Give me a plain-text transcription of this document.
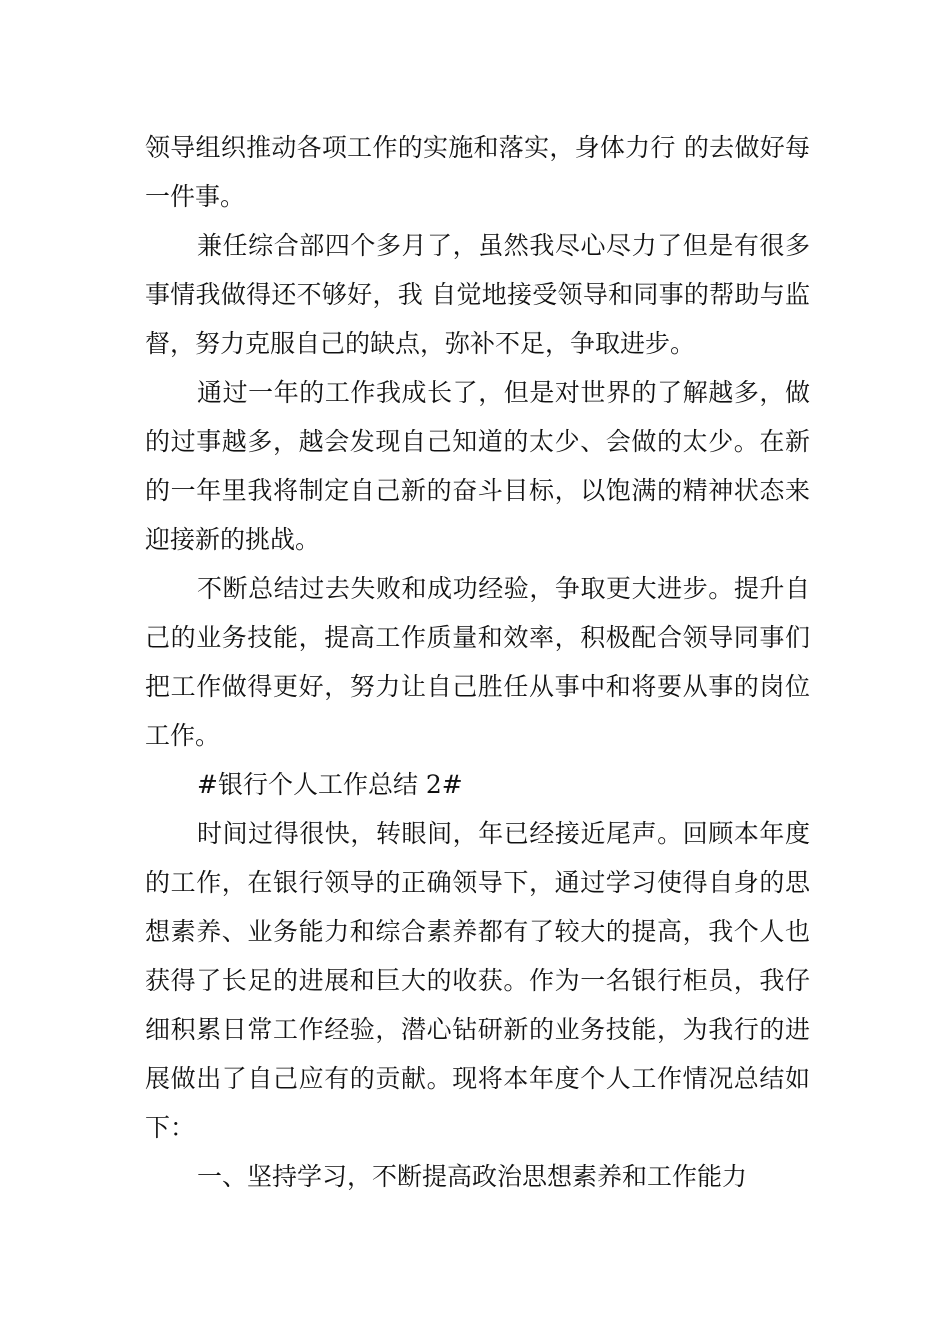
领导组织推动各项工作的实施和落实，身体力行 的去做好每一件事。

兼任综合部四个多月了，虽然我尽心尽力了但是有很多事情我做得还不够好，我 自觉地接受领导和同事的帮助与监督，努力克服自己的缺点，弥补不足，争取进步。

通过一年的工作我成长了，但是对世界的了解越多，做的过事越多，越会发现自己知道的太少、会做的太少。在新的一年里我将制定自己新的奋斗目标，以饱满的精神状态来迎接新的挑战。

不断总结过去失败和成功经验，争取更大进步。提升自己的业务技能，提高工作质量和效率，积极配合领导同事们把工作做得更好，努力让自己胜任从事中和将要从事的岗位工作。

#银行个人工作总结 2#

时间过得很快，转眼间，年已经接近尾声。回顾本年度的工作，在银行领导的正确领导下，通过学习使得自身的思想素养、业务能力和综合素养都有了较大的提高，我个人也获得了长足的进展和巨大的收获。作为一名银行柜员，我仔细积累日常工作经验，潜心钻研新的业务技能，为我行的进展做出了自己应有的贡献。现将本年度个人工作情况总结如下：

一、坚持学习，不断提高政治思想素养和工作能力
